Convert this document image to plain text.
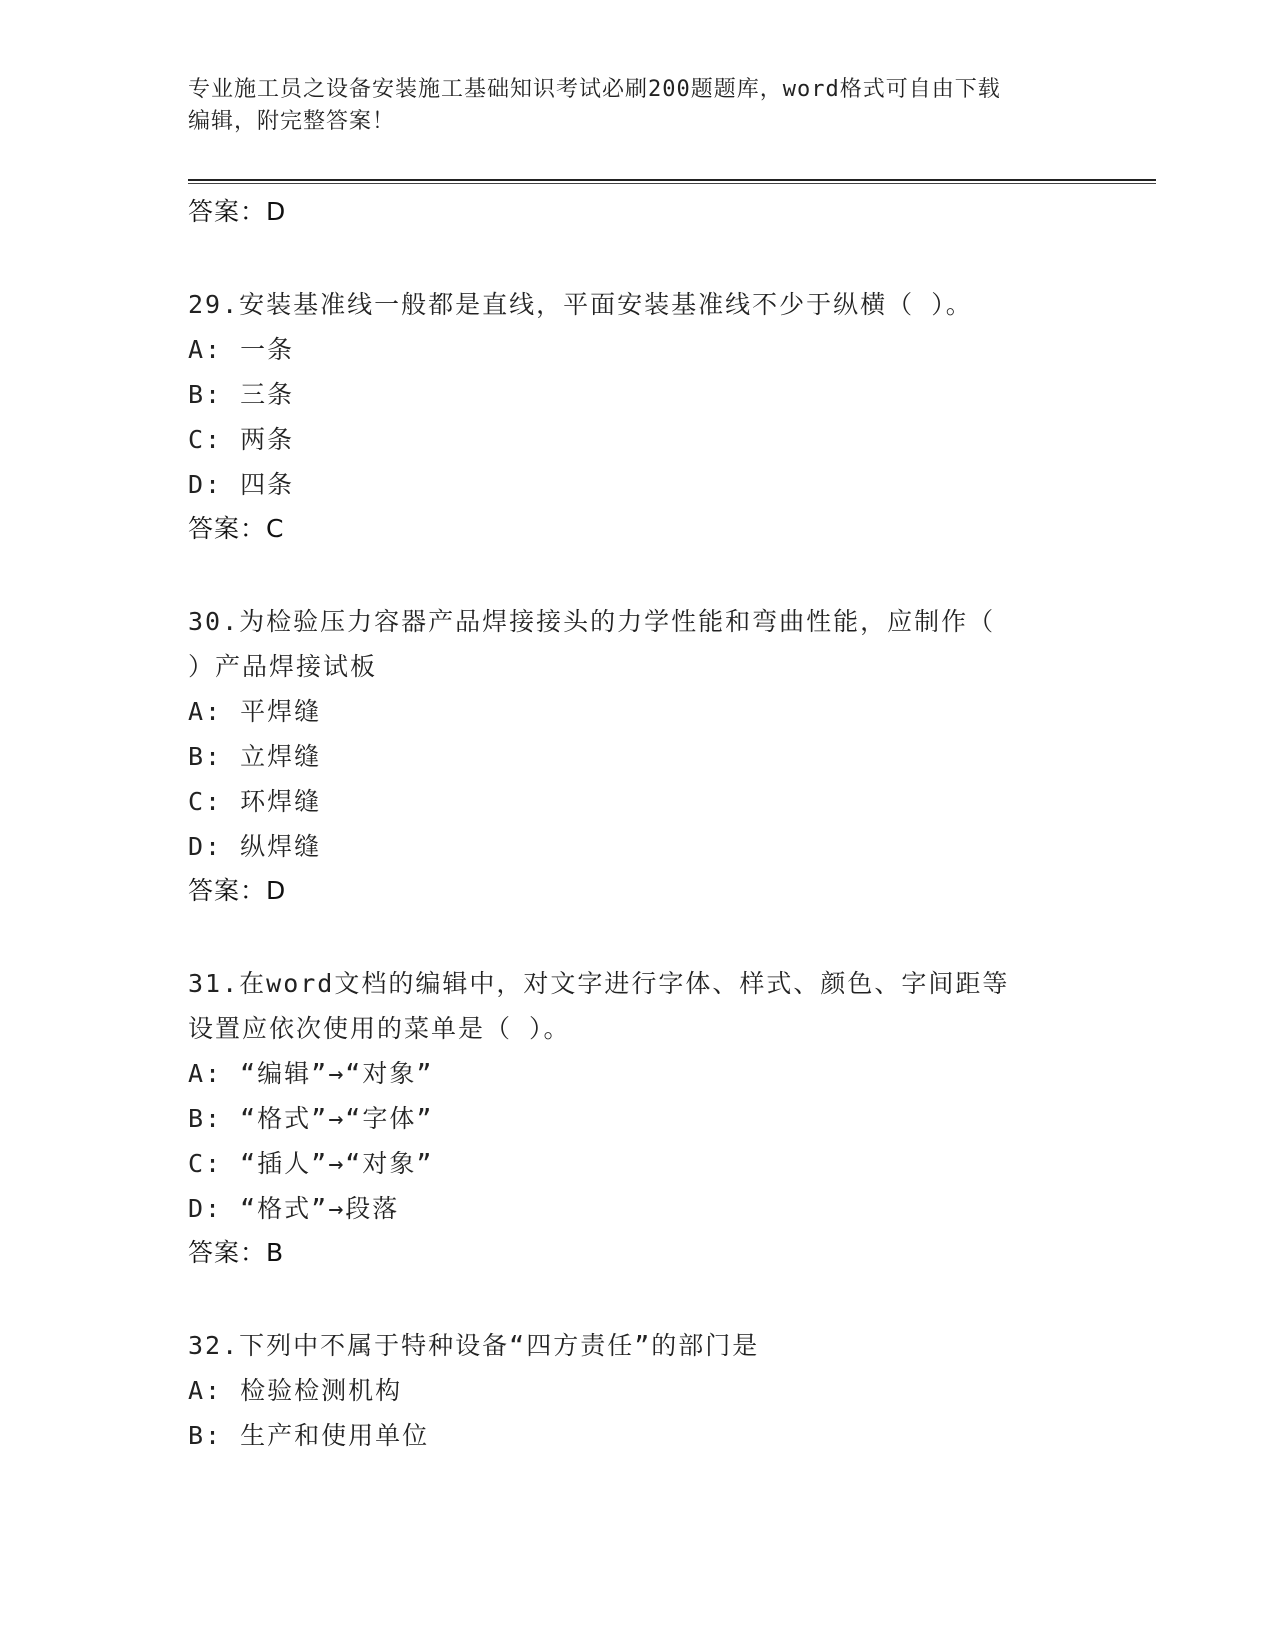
专业施工员之设备安装施工基础知识考试必刷200题题库，word格式可自由下载
编辑，附完整答案！
答案：D
29.安装基准线一般都是直线，平面安装基准线不少于纵横（ ）。
A: 一条
B: 三条
C: 两条
D: 四条
答案：C
30.为检验压力容器产品焊接接头的力学性能和弯曲性能，应制作（
）产品焊接试板
A: 平焊缝
B: 立焊缝
C: 环焊缝
D: 纵焊缝
答案：D
31.在word文档的编辑中，对文字进行字体、样式、颜色、字间距等
设置应依次使用的菜单是（ ）。
A: “编辑”→“对象”
B: “格式”→“字体”
C: “插人”→“对象”
D: “格式”→段落
答案：B
32.下列中不属于特种设备“四方责任”的部门是
A: 检验检测机构
B: 生产和使用单位
